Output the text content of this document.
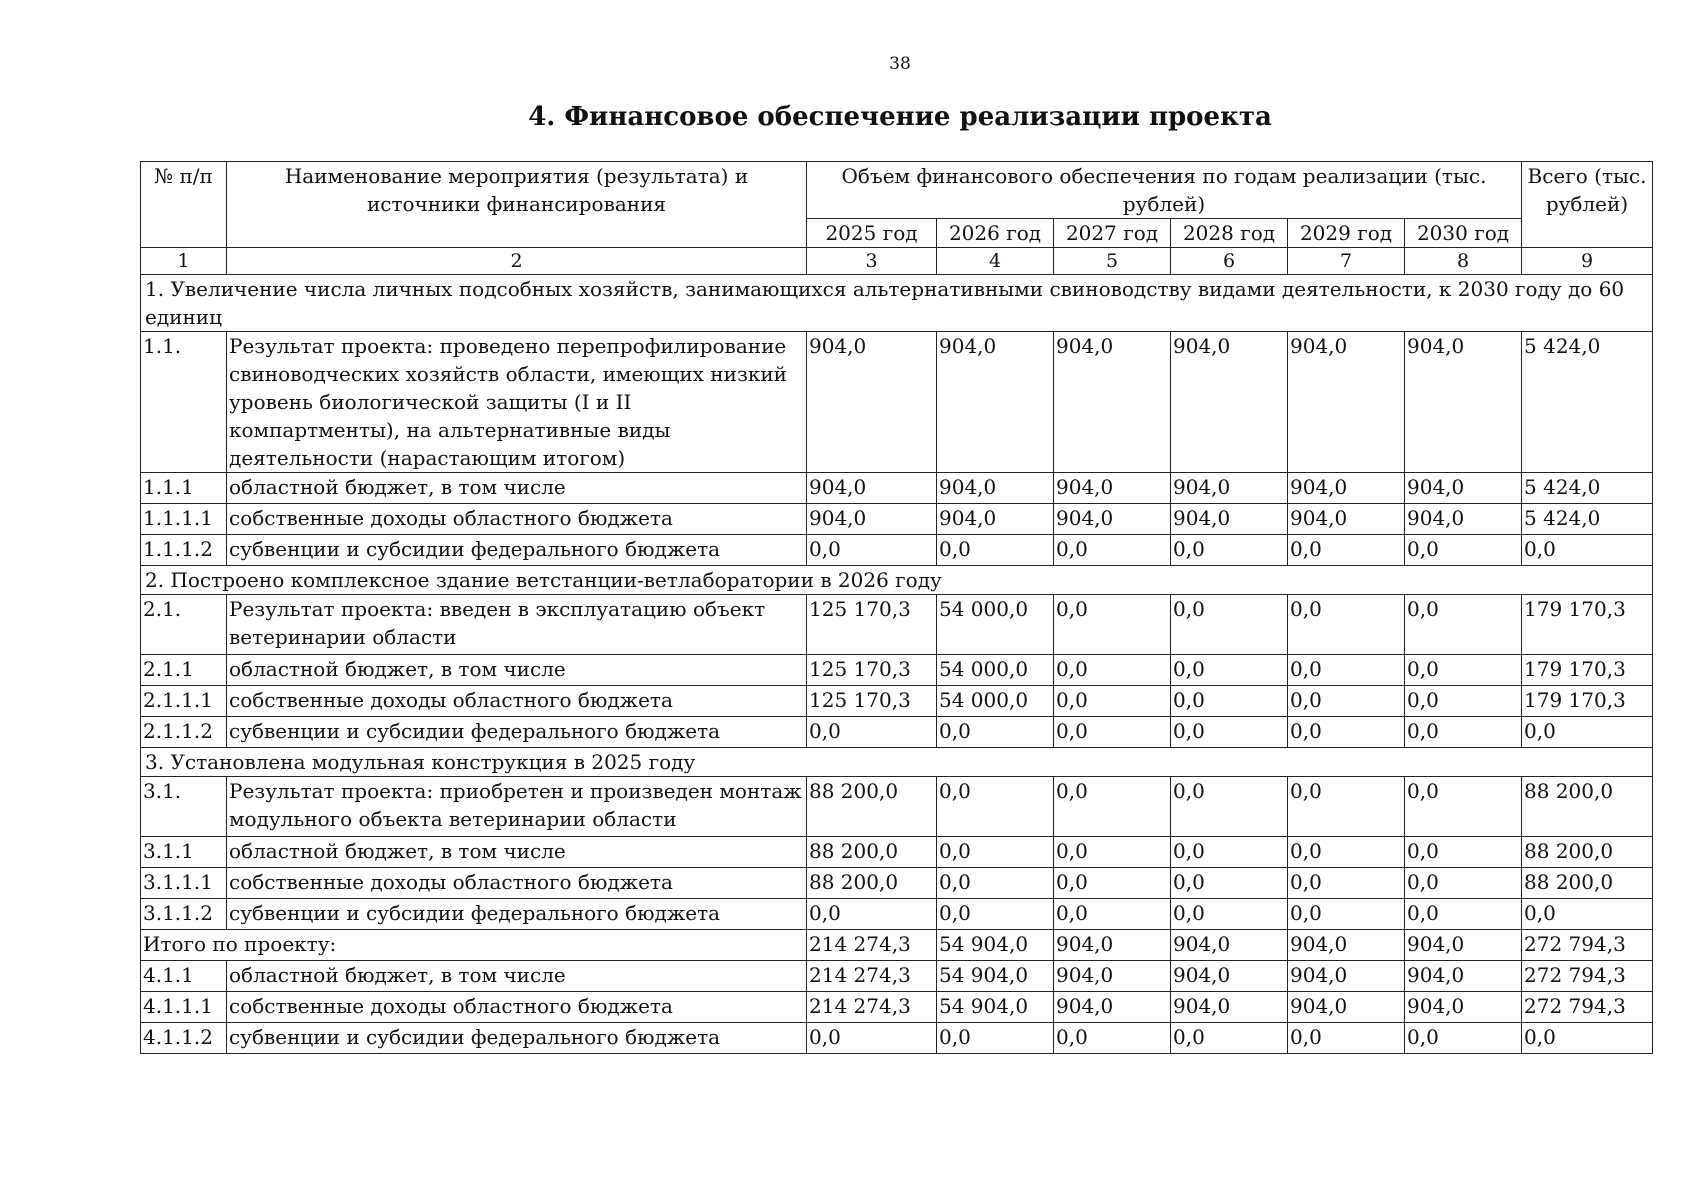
38
4. Финансовое обеспечение реализации проекта
№ п/п	Наименование мероприятия (результата) и источники финансирования	Объем финансового обеспечения по годам реализации (тыс. рублей)						Всего (тыс. рублей)
		2025 год	2026 год	2027 год	2028 год	2029 год	2030 год	
1	2	3	4	5	6	7	8	9
1. Увеличение числа личных подсобных хозяйств, занимающихся альтернативными свиноводству видами деятельности, к 2030 году до 60 единиц								
1.1.	Результат проекта: проведено перепрофилирование свиноводческих хозяйств области, имеющих низкий уровень биологической защиты (I и II компартменты), на альтернативные виды деятельности (нарастающим итогом)	904,0	904,0	904,0	904,0	904,0	904,0	5 424,0
1.1.1	областной бюджет, в том числе	904,0	904,0	904,0	904,0	904,0	904,0	5 424,0
1.1.1.1	собственные доходы областного бюджета	904,0	904,0	904,0	904,0	904,0	904,0	5 424,0
1.1.1.2	субвенции и субсидии федерального бюджета	0,0	0,0	0,0	0,0	0,0	0,0	0,0
2. Построено комплексное здание ветстанции-ветлаборатории в 2026 году								
2.1.	Результат проекта: введен в эксплуатацию объект ветеринарии области	125 170,3	54 000,0	0,0	0,0	0,0	0,0	179 170,3
2.1.1	областной бюджет, в том числе	125 170,3	54 000,0	0,0	0,0	0,0	0,0	179 170,3
2.1.1.1	собственные доходы областного бюджета	125 170,3	54 000,0	0,0	0,0	0,0	0,0	179 170,3
2.1.1.2	субвенции и субсидии федерального бюджета	0,0	0,0	0,0	0,0	0,0	0,0	0,0
3. Установлена модульная конструкция в 2025 году								
3.1.	Результат проекта: приобретен и произведен монтаж модульного объекта ветеринарии области	88 200,0	0,0	0,0	0,0	0,0	0,0	88 200,0
3.1.1	областной бюджет, в том числе	88 200,0	0,0	0,0	0,0	0,0	0,0	88 200,0
3.1.1.1	собственные доходы областного бюджета	88 200,0	0,0	0,0	0,0	0,0	0,0	88 200,0
3.1.1.2	субвенции и субсидии федерального бюджета	0,0	0,0	0,0	0,0	0,0	0,0	0,0
Итого по проекту:		214 274,3	54 904,0	904,0	904,0	904,0	904,0	272 794,3
4.1.1	областной бюджет, в том числе	214 274,3	54 904,0	904,0	904,0	904,0	904,0	272 794,3
4.1.1.1	собственные доходы областного бюджета	214 274,3	54 904,0	904,0	904,0	904,0	904,0	272 794,3
4.1.1.2	субвенции и субсидии федерального бюджета	0,0	0,0	0,0	0,0	0,0	0,0	0,0
